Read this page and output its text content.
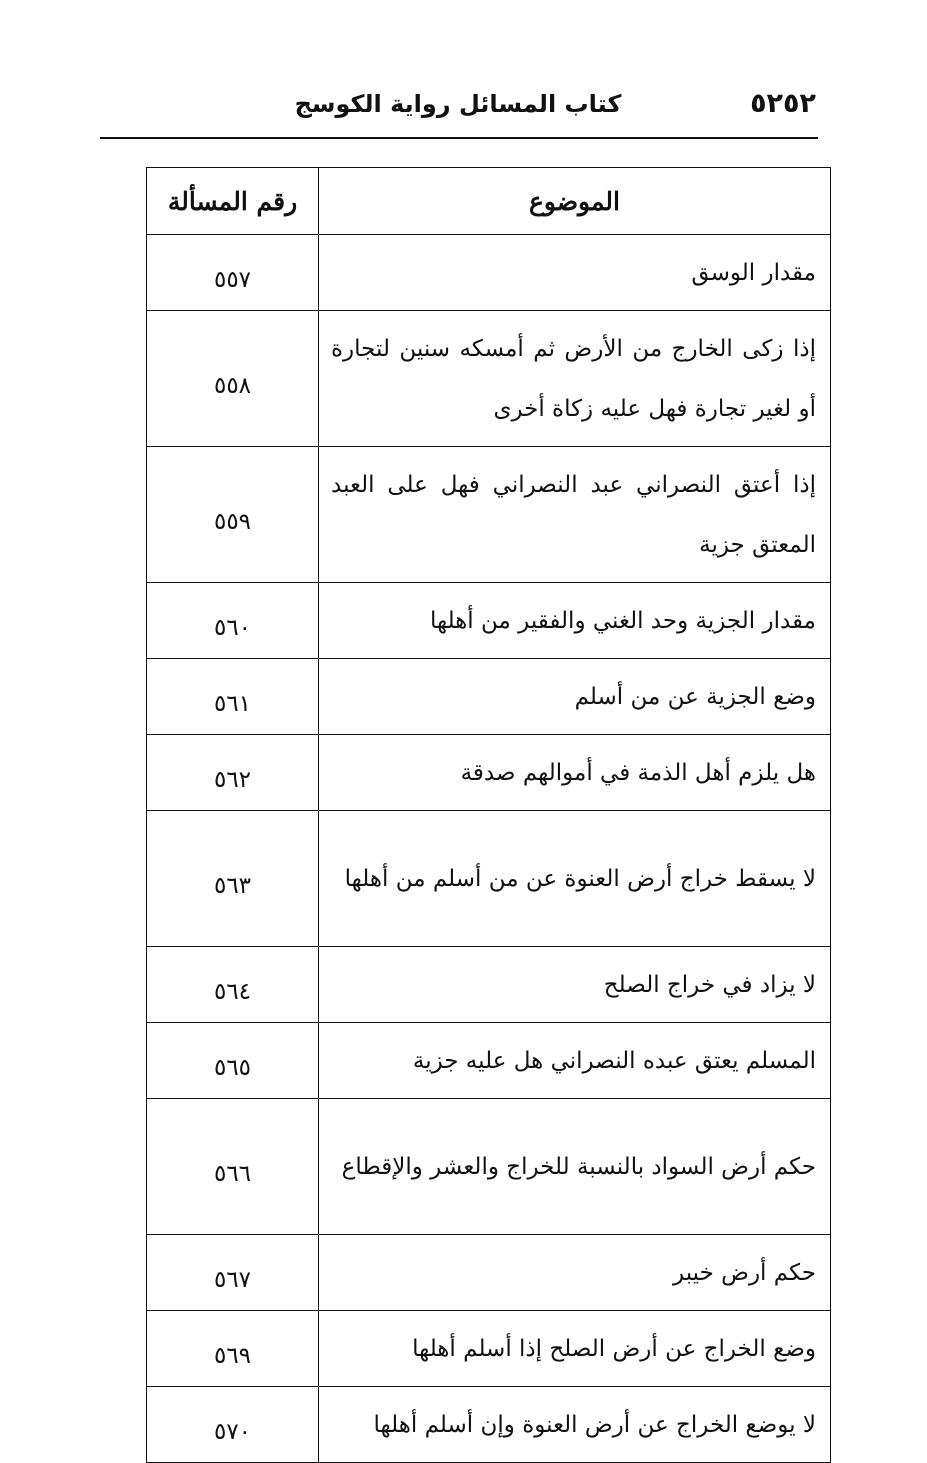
٥٢٥٢
كتاب المسائل رواية الكوسج
الموضوع	رقم المسألة
مقدار الوسق	٥٥٧
إذا زكى الخارج من الأرض ثم أمسكه سنين لتجارة أو لغير تجارة فهل عليه زكاة أخرى	٥٥٨
إذا أعتق النصراني عبد النصراني فهل على العبد المعتق جزية	٥٥٩
مقدار الجزية وحد الغني والفقير من أهلها	٥٦٠
وضع الجزية عن من أسلم	٥٦١
هل يلزم أهل الذمة في أموالهم صدقة	٥٦٢
لا يسقط خراج أرض العنوة عن من أسلم من أهلها	٥٦٣
لا يزاد في خراج الصلح	٥٦٤
المسلم يعتق عبده النصراني هل عليه جزية	٥٦٥
حكم أرض السواد بالنسبة للخراج والعشر والإقطاع	٥٦٦
حكم أرض خيبر	٥٦٧
وضع الخراج عن أرض الصلح إذا أسلم أهلها	٥٦٩
لا يوضع الخراج عن أرض العنوة وإن أسلم أهلها	٥٧٠
